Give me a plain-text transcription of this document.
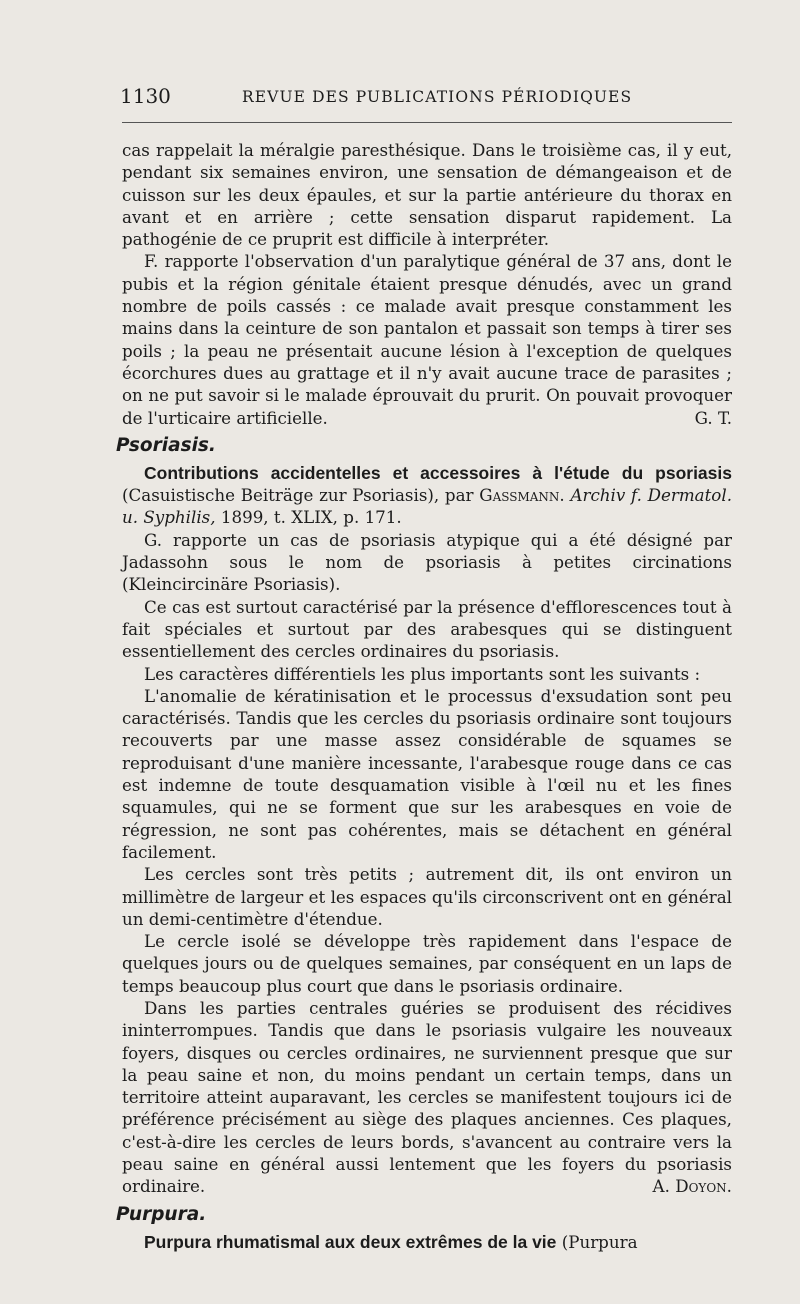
1130	REVUE DES PUBLICATIONS PÉRIODIQUES

cas rappelait la méralgie paresthésique. Dans le troisième cas, il y eut, pendant six semaines environ, une sensation de démangeaison et de cuisson sur les deux épaules, et sur la partie antérieure du thorax en avant et en arrière ; cette sensation disparut rapidement. La pathogénie de ce pruprit est difficile à interpréter.

F. rapporte l'observation d'un paralytique général de 37 ans, dont le pubis et la région génitale étaient presque dénudés, avec un grand nombre de poils cassés : ce malade avait presque constamment les mains dans la ceinture de son pantalon et passait son temps à tirer ses poils ; la peau ne présentait aucune lésion à l'exception de quelques écorchures dues au grattage et il n'y avait aucune trace de parasites ; on ne put savoir si le malade éprouvait du prurit. On pouvait provoquer de l'urticaire artificielle.	G. T.

Psoriasis.

Contributions accidentelles et accessoires à l'étude du psoriasis (Casuistische Beiträge zur Psoriasis), par Gassmann. Archiv f. Dermatol. u. Syphilis, 1899, t. XLIX, p. 171.

G. rapporte un cas de psoriasis atypique qui a été désigné par Jadassohn sous le nom de psoriasis à petites circinations (Kleincircinäre Psoriasis).

Ce cas est surtout caractérisé par la présence d'efflorescences tout à fait spéciales et surtout par des arabesques qui se distinguent essentiellement des cercles ordinaires du psoriasis.

Les caractères différentiels les plus importants sont les suivants :

L'anomalie de kératinisation et le processus d'exsudation sont peu caractérisés. Tandis que les cercles du psoriasis ordinaire sont toujours recouverts par une masse assez considérable de squames se reproduisant d'une manière incessante, l'arabesque rouge dans ce cas est indemne de toute desquamation visible à l'œil nu et les fines squamules, qui ne se forment que sur les arabesques en voie de régression, ne sont pas cohérentes, mais se détachent en général facilement.

Les cercles sont très petits ; autrement dit, ils ont environ un millimètre de largeur et les espaces qu'ils circonscrivent ont en général un demi-centimètre d'étendue.

Le cercle isolé se développe très rapidement dans l'espace de quelques jours ou de quelques semaines, par conséquent en un laps de temps beaucoup plus court que dans le psoriasis ordinaire.

Dans les parties centrales guéries se produisent des récidives ininterrompues. Tandis que dans le psoriasis vulgaire les nouveaux foyers, disques ou cercles ordinaires, ne surviennent presque que sur la peau saine et non, du moins pendant un certain temps, dans un territoire atteint auparavant, les cercles se manifestent toujours ici de préférence précisément au siège des plaques anciennes. Ces plaques, c'est-à-dire les cercles de leurs bords, s'avancent au contraire vers la peau saine en général aussi lentement que les foyers du psoriasis ordinaire.	A. Doyon.

Purpura.

Purpura rhumatismal aux deux extrêmes de la vie (Purpura
